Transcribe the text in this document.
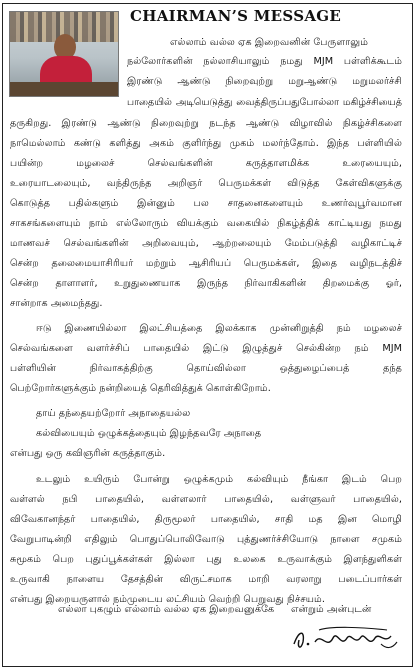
CHAIRMAN’S MESSAGE
எல்லாம் வல்ல ஏக இறைவனின் பேருளாலும்
நல்லோர்களின் நல்லாசியாலும் நமது MJM பள்ளிக்கூடம்
இரண்டு ஆண்டு நிறைவுற்று மறுஆண்டு மறுமலர்ச்சி
பாதையில் அடியெடுத்து வைத்திருப்பதுபோல்லா மகிழ்ச்சியைத்
தருகிறது. இரண்டு ஆண்டு நிறைவுற்று நடந்த ஆண்டு விழாவில் நிகழ்ச்சிகளை
நாமெல்லாம் கண்டு களித்து அகம் குளிர்ந்து முகம் மலர்ந்தோம். இந்த பள்ளியில்
பயின்ற மழலைச் செல்வங்களின் கருத்தாளமிக்க உரையையும்,
உரையாடலையும், வந்திருந்த அறிஞர் பெருமக்கள் விடுத்த கேள்விகளுக்கு
கொடுத்த பதில்களும் இன்னும் பல சாதனைகளையும் உணர்வுபூர்வமான
சாகசங்களையும் நாம் எல்லோரும் வியக்கும் வகையில் நிகழ்த்திக் காட்டியது நமது
மாணவச் செல்வங்களின் அறிவையும், ஆற்றலையும் மேம்படுத்தி வழிகாட்டிச்
சென்ற தலைமையாசிரியர் மற்றும் ஆசிரியப் பெருமக்கள், இதை வழிநடத்திச்
சென்ற தாளாளர், உறுதுணையாக இருந்த நிர்வாகிகளின் திறமைக்கு ஓர்,
சான்றாக அமைந்தது.
ஈடு இணையில்லா இலட்சியத்தை இலக்காக முன்னிறுத்தி நம் மழலைச்
செல்வங்களை வளர்ச்சிப் பாதையில் இட்டு இழுத்துச் செல்கின்ற நம் MJM
பள்ளியின் நிர்வாகத்திற்கு தொய்வில்லா ஒத்துழைப்பைத் தந்த
பெற்றோர்களுக்கும் நன்றியைத் தெரிவித்துக் கொள்கிறோம்.
தாய் தந்தையற்றோர் அநாதையல்ல
கல்வியையும் ஒழுக்கத்தையும் இழந்தவரே அநாதை
என்பது ஒரு கவிஞரின் கருத்தாகும்.
உடலும் உயிரும் போன்று ஒழுக்கமும் கல்வியும் நீங்கா இடம் பெற
வள்ளல் நபி பாதையில், வள்ளலார் பாதையில், வள்ளுவர் பாதையில்,
விவேகானந்தர் பாதையில், திருமூலர் பாதையில், சாதி மத இன மொழி
வேறுபாடின்றி எதிலும் பொதுப்பொலிவோடு புத்துணர்ச்சியோடு நாளை சமுகம்
சுமூகம் பெற புதுப்பூக்கள்கள் இல்லா புது உலகை உருவாக்கும் இளந்துளிகள்
உருவாகி நாளைய தேசத்தின் விருட்சமாக மாறி வரலாறு படைப்பார்கள்
என்பது இறையருளால் நம்முடைய லட்சியம் வெற்றி பெறுவது நிச்சயம்.
எல்லா புகழும் எல்லாம் வல்ல ஏக இறைவனுக்கே என்றும் அன்புடன்
